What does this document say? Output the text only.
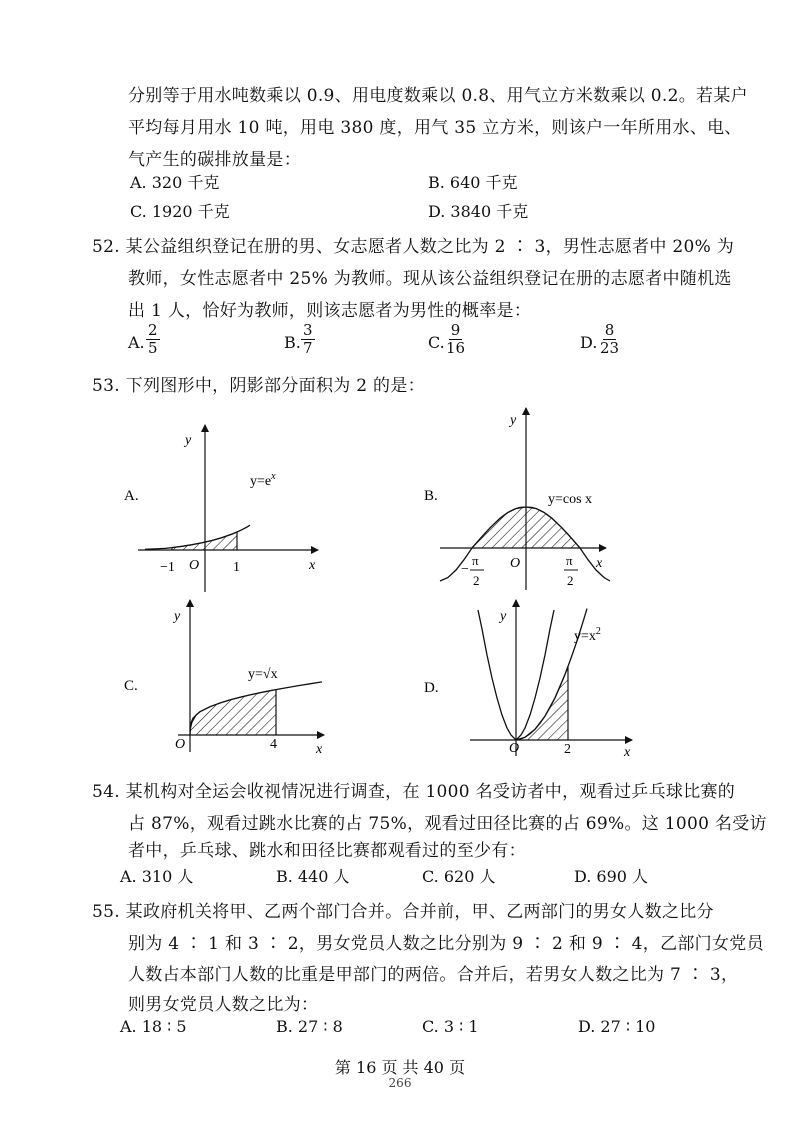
分别等于用水吨数乘以 0.9、用电度数乘以 0.8、用气立方米数乘以 0.2。若某户
平均每月用水 10 吨，用电 380 度，用气 35 立方米，则该户一年所用水、电、
气产生的碳排放量是：
A. 320 千克	B. 640 千克
C. 1920 千克	D. 3840 千克
52. 某公益组织登记在册的男、女志愿者人数之比为 2 ∶ 3，男性志愿者中 20% 为
教师，女性志愿者中 25% 为教师。现从该公益组织登记在册的志愿者中随机选
出 1 人，恰好为教师，则该志愿者为男性的概率是：
A. $\frac{2}{5}$	B. $\frac{3}{7}$	C. $\frac{9}{16}$	D. $\frac{8}{23}$
53. 下列图形中，阴影部分面积为 2 的是：
A.
y
x
O
−1	1
$y=e^x$
B.
y
x
O
y=cos x
−
π
2
π
2
C.
y
x
O	4
y=√x
D.
y
x
O	2
$y=x^2$
54. 某机构对全运会收视情况进行调查，在 1000 名受访者中，观看过乒乓球比赛的
占 87%，观看过跳水比赛的占 75%，观看过田径比赛的占 69%。这 1000 名受访
者中，乒乓球、跳水和田径比赛都观看过的至少有：
A. 310 人	B. 440 人	C. 620 人	D. 690 人
55. 某政府机关将甲、乙两个部门合并。合并前，甲、乙两部门的男女人数之比分
别为 4 ∶ 1 和 3 ∶ 2，男女党员人数之比分别为 9 ∶ 2 和 9 ∶ 4，乙部门女党员
人数占本部门人数的比重是甲部门的两倍。合并后，若男女人数之比为 7 ∶ 3，
则男女党员人数之比为：
A. 18 ∶ 5	B. 27 ∶ 8	C. 3 ∶ 1	D. 27 ∶ 10
第 16 页 共 40 页
266
